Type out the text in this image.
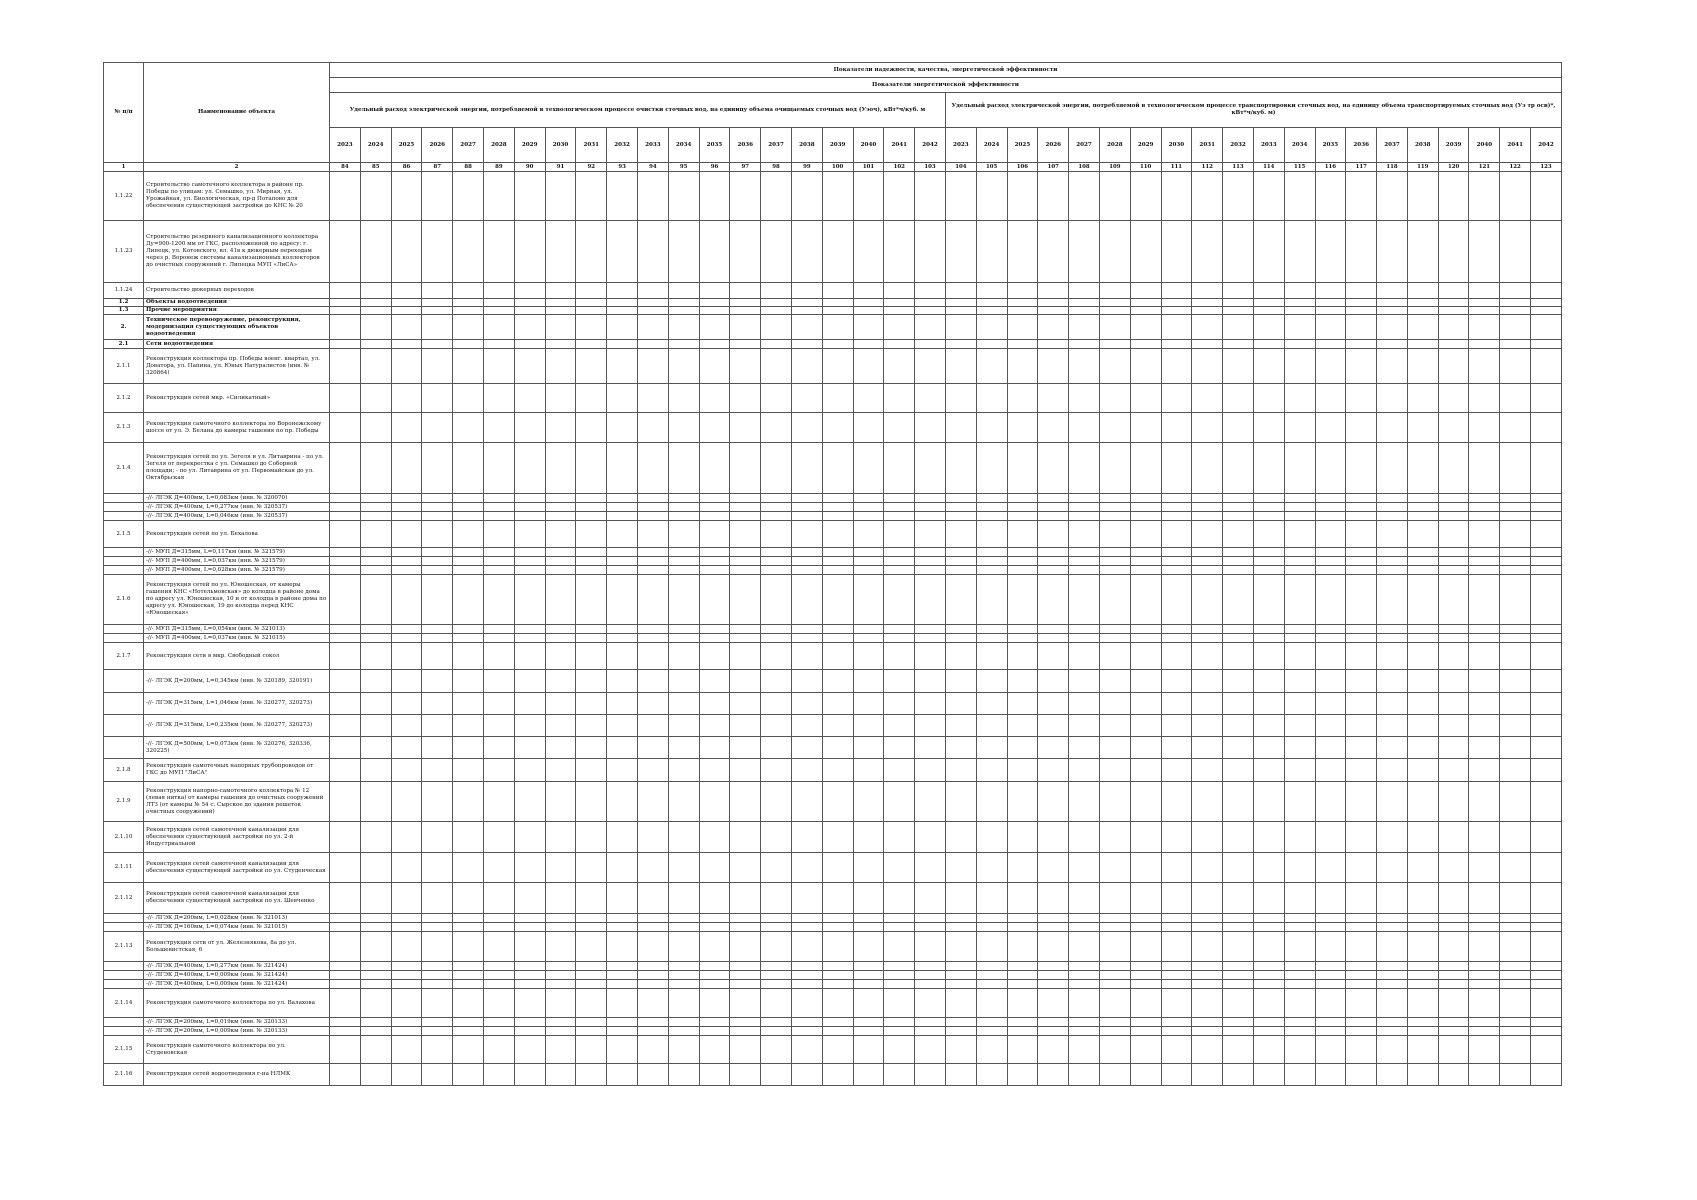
№ п/п	Наименование объекта	Показатели надежности, качества, энергетической эффективности																																							
		Показатели энергетической эффективности																																							
		Удельный расход электрической энергии, потребляемой в технологическом процессе очистки сточных вод, на единицу объема очищаемых сточных вод (Уэоч), кВт*ч/куб. м																				Удельный расход электрической энергии, потребляемой в технологическом процессе транспортировки сточных вод, на единицу объема транспортируемых сточных вод (Уэ тр осв)*, кВт*ч/куб. м)																			
		2023	2024	2025	2026	2027	2028	2029	2030	2031	2032	2033	2034	2035	2036	2037	2038	2039	2040	2041	2042	2023	2024	2025	2026	2027	2028	2029	2030	2031	2032	2033	2034	2035	2036	2037	2038	2039	2040	2041	2042
1	2	84	85	86	87	88	89	90	91	92	93	94	95	96	97	98	99	100	101	102	103	104	105	106	107	108	109	110	111	112	113	114	115	116	117	118	119	120	121	122	123
1.1.22	Строительство самотечного коллектора в районе пр. Победы по улицам: ул. Семашко, ул. Мирная, ул. Урожайная, ул. Биологическая, пр-д Потапово для обеспечения существующей застройки до КНС № 20																																								
1.1.23	Строительство резервного канализационного коллектора Ду=900-1200 мм от ГКС, расположенной по адресу: г. Липецк, ул. Котовского, вл. 41в к дюкерным переходам через р. Воронеж системы канализационных коллекторов до очистных сооружений г. Липецка МУП «ЛиСА»																																								
1.1.24	Строительство дюкерных переходов																																								
1.2	Объекты водоотведения																																								
1.3	Прочие мероприятия																																								
2.	Техническое перевооружение, реконструкция, модернизация существующих объектов водоотведения																																								
2.1	Сети водоотведения																																								
2.1.1	Реконструкция коллектора пр. Победы военг. квартал, ул. Доватора, ул. Папина, ул. Юных Натуралистов (инв. № 320864)																																								
2.1.2	Реконструкция сетей мкр. «Силикатный»																																								
2.1.3	Реконструкция самотечного коллектора по Воронежскому шоссе от ул. Э. Белана до камеры гашения по пр. Победы																																								
2.1.4	Реконструкция сетей по ул. Зегеля и ул. Литаврина - по ул. Зегеля от перекрестка с ул. Семашко до Соборной площади; - по ул. Литаврина от ул. Первомайская до ул. Октябрьская																																								
	-//- ЛГЭК Д=400мм, L=0,083км (инв. № 320070)																																								
	-//- ЛГЭК Д=400мм, L=0,277км (инв. № 320537)																																								
	-//- ЛГЭК Д=400мм, L=0,046км (инв. № 320537)																																								
2.1.5	Реконструкция сетей по ул. Бехалова																																								
	-//- МУП Д=315мм, L=0,117км (инв. № 321579)																																								
	-//- МУП Д=400мм, L=0,037км (инв. № 321579)																																								
	-//- МУП Д=400мм, L=0,028км (инв. № 321579)																																								
2.1.6	Реконструкция сетей по ул. Юношеская, от камеры гашения КНС «Нотельмовская» до колодца в районе дома по адресу ул. Юношеская, 10 и от колодца в районе дома по адресу ул. Юношеская, 19 до колодца перед КНС «Юношеская»																																								
	-//- МУП Д=315мм, L=0,054км (инв. № 321013)																																								
	-//- МУП Д=400мм, L=0,037км (инв. № 321015)																																								
2.1.7	Реконструкция сети в мкр. Свободный сокол																																								
	-//- ЛГЭК Д=200мм, L=0,345км (инв. № 320189, 320191)																																								
	-//- ЛГЭК Д=315мм, L=1,046км (инв. № 320277, 320273)																																								
	-//- ЛГЭК Д=315мм, L=0,235км (инв. № 320277, 320273)																																								
	-//- ЛГЭК Д=500мм, L=0,073км (инв. № 320276, 320336, 320225)																																								
2.1.8	Реконструкция самотечных напорных трубопроводов от ГКС до МУП "ЛиСА"																																								
2.1.9	Реконструкция напорно-самотечного коллектора № 12 (левая нитка) от камеры гашения до очистных сооружений ЛТЗ (от камеры № 54 с. Сырское до здания решеток очистных сооружений)																																								
2.1.10	Реконструкция сетей самотечной канализации для обеспечения существующей застройки по ул. 2-й Индустриальной																																								
2.1.11	Реконструкция сетей самотечной канализации для обеспечения существующей застройки по ул. Студенческая																																								
2.1.12	Реконструкция сетей самотечной канализации для обеспечения существующей застройки по ул. Шевченко																																								
	-//- ЛГЭК Д=200мм, L=0,028км (инв. № 321013)																																								
	-//- ЛГЭК Д=160мм, L=0,074км (инв. № 321015)																																								
2.1.13	Реконструкция сети от ул. Железнякова, 8а до ул. Большевистская, 6																																								
	-//- ЛГЭК Д=400мм, L=0,277км (инв. № 321424)																																								
	-//- ЛГЭК Д=400мм, L=0,009км (инв. № 321424)																																								
	-//- ЛГЭК Д=400мм, L=0,009км (инв. № 321424)																																								
2.1.14	Реконструкция самотечного коллектора по ул. Валахова																																								
	-//- ЛГЭК Д=200мм, L=0,019км (инв. № 320133)																																								
	-//- ЛГЭК Д=200мм, L=0,009км (инв. № 320133)																																								
2.1.15	Реконструкция самотечного коллектора по ул. Студеновская																																								
2.1.16	Реконструкция сетей водоотведения г-на НЛМК																																								
